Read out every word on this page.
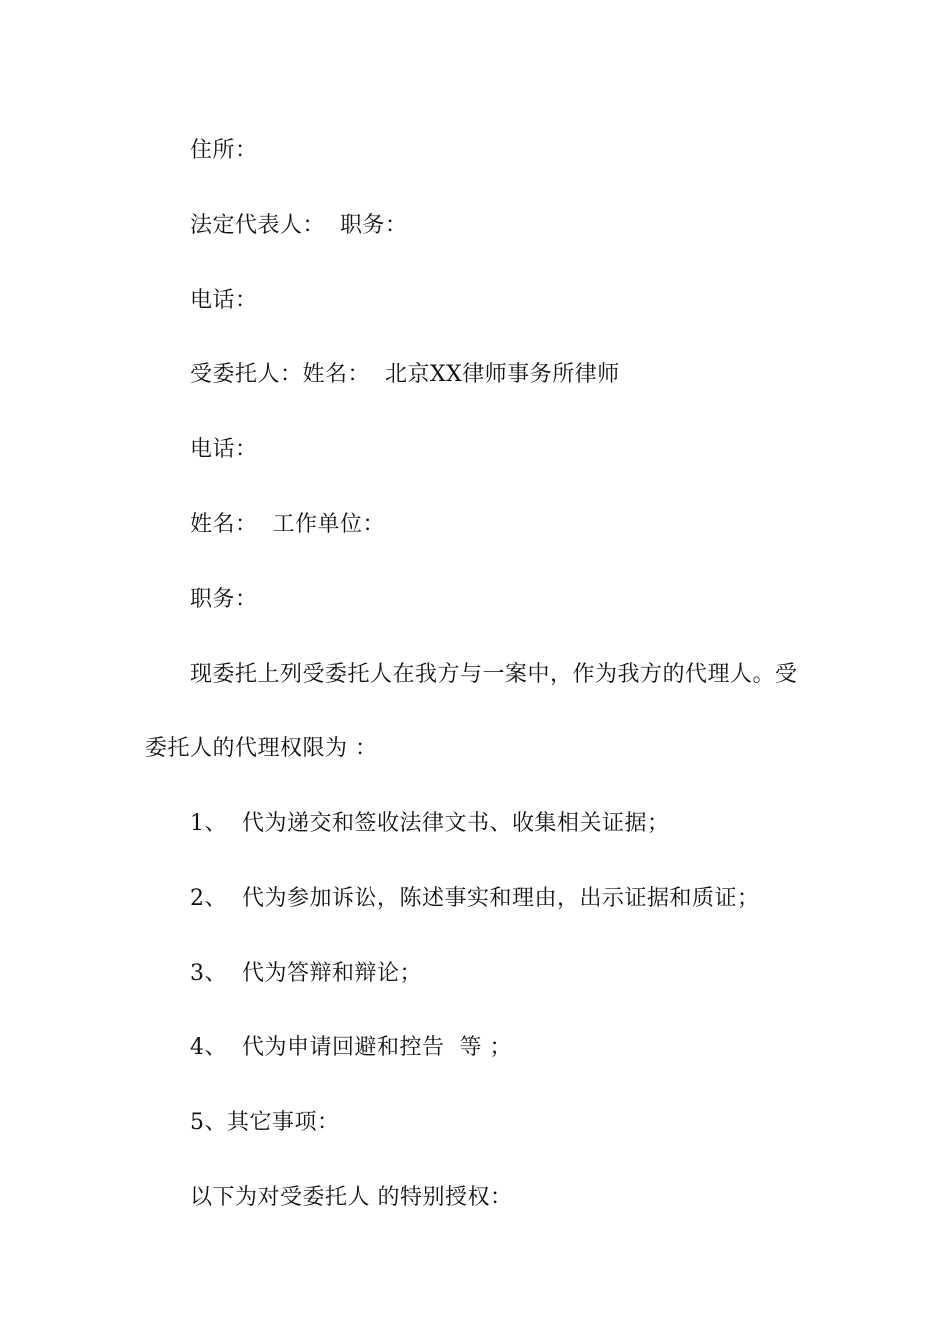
住所：
法定代表人：  职务：
电话：
受委托人：姓名：  北京XX律师事务所律师
电话：
姓名：  工作单位：
职务：
现委托上列受委托人在我方与一案中，作为我方的代理人。受
委托人的代理权限为 ：
1、  代为递交和签收法律文书、收集相关证据；
2、  代为参加诉讼，陈述事实和理由，出示证据和质证；
3、  代为答辩和辩论；
4、  代为申请回避和控告  等 ；
5、其它事项：
以下为对受委托人 的特别授权：
